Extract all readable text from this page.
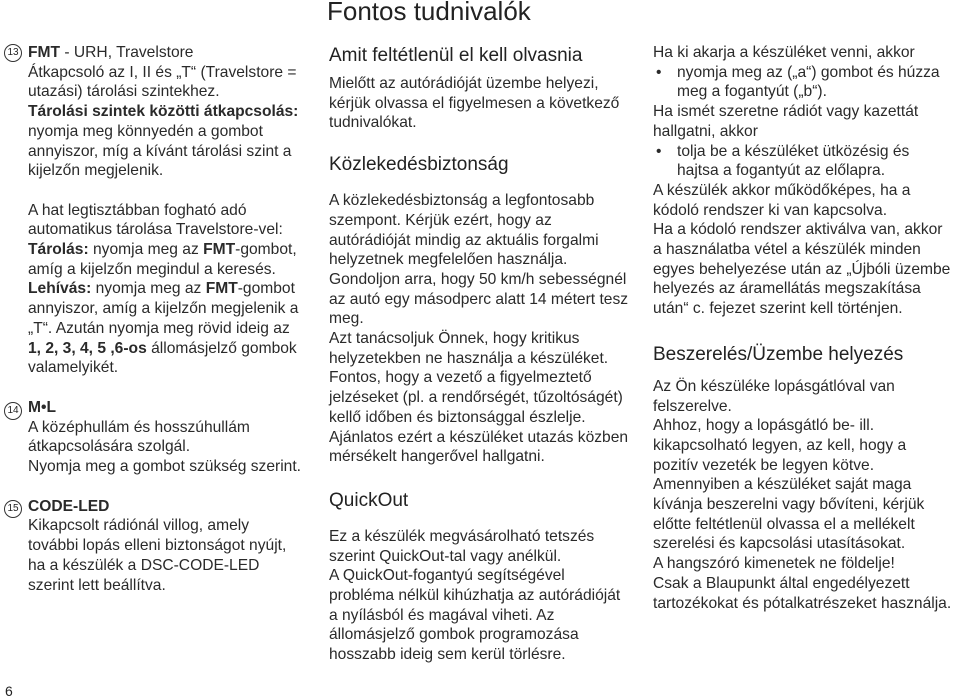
Fontos tudnivalók
13
14
15

FMT - URH, Travelstore

Átkapcsoló az I, II és „T“ (Travelstore =

utazási) tárolási szintekhez.

Tárolási szintek közötti átkapcsolás:

nyomja meg könnyedén a gombot

annyiszor, míg a kívánt tárolási szint a

kijelzőn megjelenik.

A hat legtisztábban fogható adó

automatikus tárolása Travelstore-vel:

Tárolás: nyomja meg az FMT-gombot,

amíg a kijelzőn megindul a keresés.

Lehívás: nyomja meg az FMT-gombot

annyiszor, amíg a kijelzőn megjelenik a

„T“. Azután nyomja meg rövid ideig az

1, 2, 3, 4, 5 ,6-os állomásjelző gombok

valamelyikét.

M•L

A középhullám és hosszúhullám

átkapcsolására szolgál.

Nyomja meg a gombot szükség szerint.

CODE-LED

Kikapcsolt rádiónál villog, amely

további lopás elleni biztonságot nyújt,

ha a készülék a DSC-CODE-LED

szerint lett beállítva.

Amit feltétlenül el kell olvasnia

Mielőtt az autórádióját üzembe helyezi,

kérjük olvassa el figyelmesen a következő

tudnivalókat.

Közlekedésbiztonság

A közlekedésbiztonság a legfontosabb

szempont. Kérjük ezért, hogy az

autórádióját mindig az aktuális forgalmi

helyzetnek megfelelően használja.

Gondoljon arra, hogy 50 km/h sebességnél

az autó egy másodperc alatt 14 métert tesz

meg.

Azt tanácsoljuk Önnek, hogy kritikus

helyzetekben ne használja a készüléket.

Fontos, hogy a vezető a figyelmeztető

jelzéseket (pl. a rendőrségét, tűzoltóságét)

kellő időben és biztonsággal észlelje.

Ajánlatos ezért a készüléket utazás közben

mérsékelt hangerővel hallgatni.

QuickOut

Ez a készülék megvásárolható tetszés

szerint QuickOut-tal vagy anélkül.

A QuickOut-fogantyú segítségével

probléma nélkül kihúzhatja az autórádióját

a nyílásból és magával viheti. Az

állomásjelző gombok programozása

hosszabb ideig sem kerül törlésre.

Ha ki akarja a készüléket venni, akkor

• nyomja meg az („a“) gombot és húzza
meg a fogantyút („b“).

Ha ismét szeretne rádiót vagy kazettát

hallgatni, akkor

• tolja be a készüléket ütközésig és
hajtsa a fogantyút az előlapra.

A készülék akkor működőképes, ha a

kódoló rendszer ki van kapcsolva.

Ha a kódoló rendszer aktiválva van, akkor

a használatba vétel a készülék minden

egyes behelyezése után az „Újbóli üzembe

helyezés az áramellátás megszakítása

után“ c. fejezet szerint kell történjen.

Beszerelés/Üzembe helyezés

Az Ön készüléke lopásgátlóval van

felszerelve.

Ahhoz, hogy a lopásgátló be- ill.

kikapcsolható legyen, az kell, hogy a

pozitív vezeték be legyen kötve.

Amennyiben a készüléket saját maga

kívánja beszerelni vagy bővíteni, kérjük

előtte feltétlenül olvassa el a mellékelt

szerelési és kapcsolási utasításokat.

A hangszóró kimenetek ne földelje!

Csak a Blaupunkt által engedélyezett

tartozékokat és pótalkatrészeket használja.

6
